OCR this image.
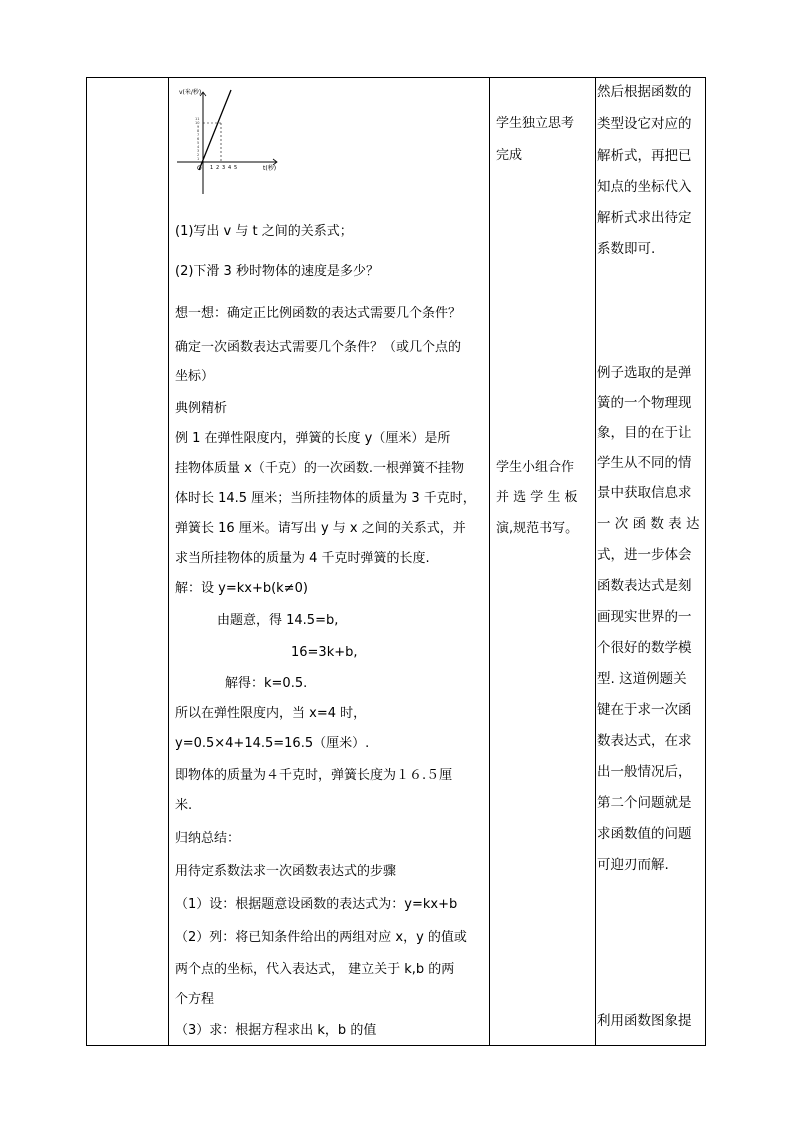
v(米/秒)
t(秒)
O 1 2 3 4 5
1
2
3
4
5
6
7
8
9
10
11
(1)写出 v 与 t 之间的关系式；
(2)下滑 3 秒时物体的速度是多少？
想一想：确定正比例函数的表达式需要几个条件？
确定一次函数表达式需要几个条件？（或几个点的
坐标）
典例精析
例 1 在弹性限度内，弹簧的长度 y（厘米）是所
挂物体质量 x（千克）的一次函数.一根弹簧不挂物
体时长 14.5 厘米；当所挂物体的质量为 3 千克时，
弹簧长 16 厘米。请写出 y 与 x 之间的关系式，并
求当所挂物体的质量为 4 千克时弹簧的长度.
解：设 y=kx+b(k≠0)
由题意，得 14.5=b,
16=3k+b,
解得：k=0.5.
所以在弹性限度内，当 x=4 时，
y=0.5×4+14.5=16.5（厘米）.
即物体的质量为４千克时，弹簧长度为１６.５厘
米.
归纳总结：
用待定系数法求一次函数表达式的步骤
（1）设：根据题意设函数的表达式为：y=kx+b
（2）列：将已知条件给出的两组对应 x，y 的值或
两个点的坐标，代入表达式， 建立关于 k,b 的两
个方程
（3）求：根据方程求出 k，b 的值
学生独立思考
完成
学生小组合作
并 选 学 生 板
演,规范书写。
然后根据函数的
类型设它对应的
解析式，再把已
知点的坐标代入
解析式求出待定
系数即可.
例子选取的是弹
簧的一个物理现
象，目的在于让
学生从不同的情
景中获取信息求
一 次 函 数 表 达
式，进一步体会
函数表达式是刻
画现实世界的一
个很好的数学模
型. 这道例题关
键在于求一次函
数表达式，在求
出一般情况后，
第二个问题就是
求函数值的问题
可迎刃而解.
利用函数图象提
